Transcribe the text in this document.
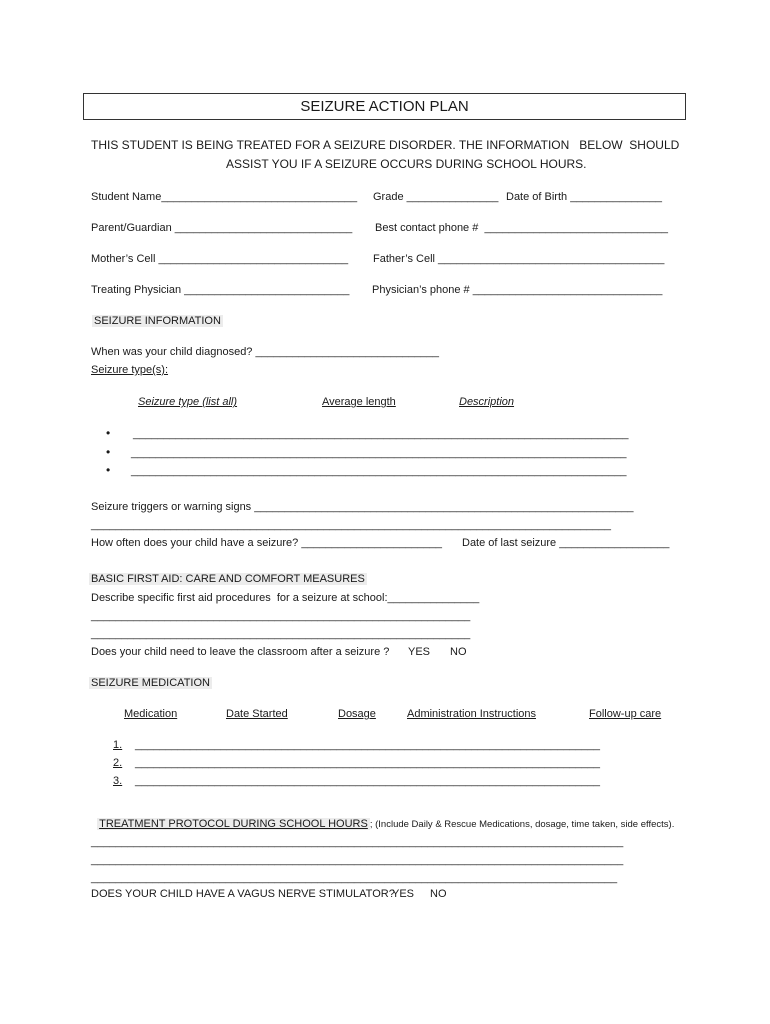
SEIZURE ACTION PLAN
THIS STUDENT IS BEING TREATED FOR A SEIZURE DISORDER. THE INFORMATION   BELOW  SHOULD
ASSIST YOU IF A SEIZURE OCCURS DURING SCHOOL HOURS.
Student Name________________________________ Grade _______________ Date of Birth _______________
Parent/Guardian _____________________________ Best contact phone #  ______________________________
Mother’s Cell _______________________________ Father’s Cell _____________________________________
Treating Physician ___________________________ Physician’s phone # _______________________________
SEIZURE INFORMATION
When was your child diagnosed? ______________________________
Seizure type(s):
Seizure type (list all)	Average length	Description
• _________________________________________________________________________________
• _________________________________________________________________________________
• _________________________________________________________________________________
Seizure triggers or warning signs ______________________________________________________________
_____________________________________________________________________________________
How often does your child have a seizure? _______________________ Date of last seizure __________________
BASIC FIRST AID: CARE AND COMFORT MEASURES
Describe specific first aid procedures  for a seizure at school:_______________
______________________________________________________________
______________________________________________________________
Does your child need to leave the classroom after a seizure ? YES NO
SEIZURE MEDICATION
Medication	Date Started	Dosage	Administration Instructions	Follow-up care
1. ____________________________________________________________________________
2. ____________________________________________________________________________
3. ____________________________________________________________________________

TREATMENT PROTOCOL DURING SCHOOL HOURS ; (Include Daily & Rescue Medications, dosage, time taken, side effects).

_______________________________________________________________________________________
_______________________________________________________________________________________
______________________________________________________________________________________
DOES YOUR CHILD HAVE A VAGUS NERVE STIMULATOR?
YES NO
